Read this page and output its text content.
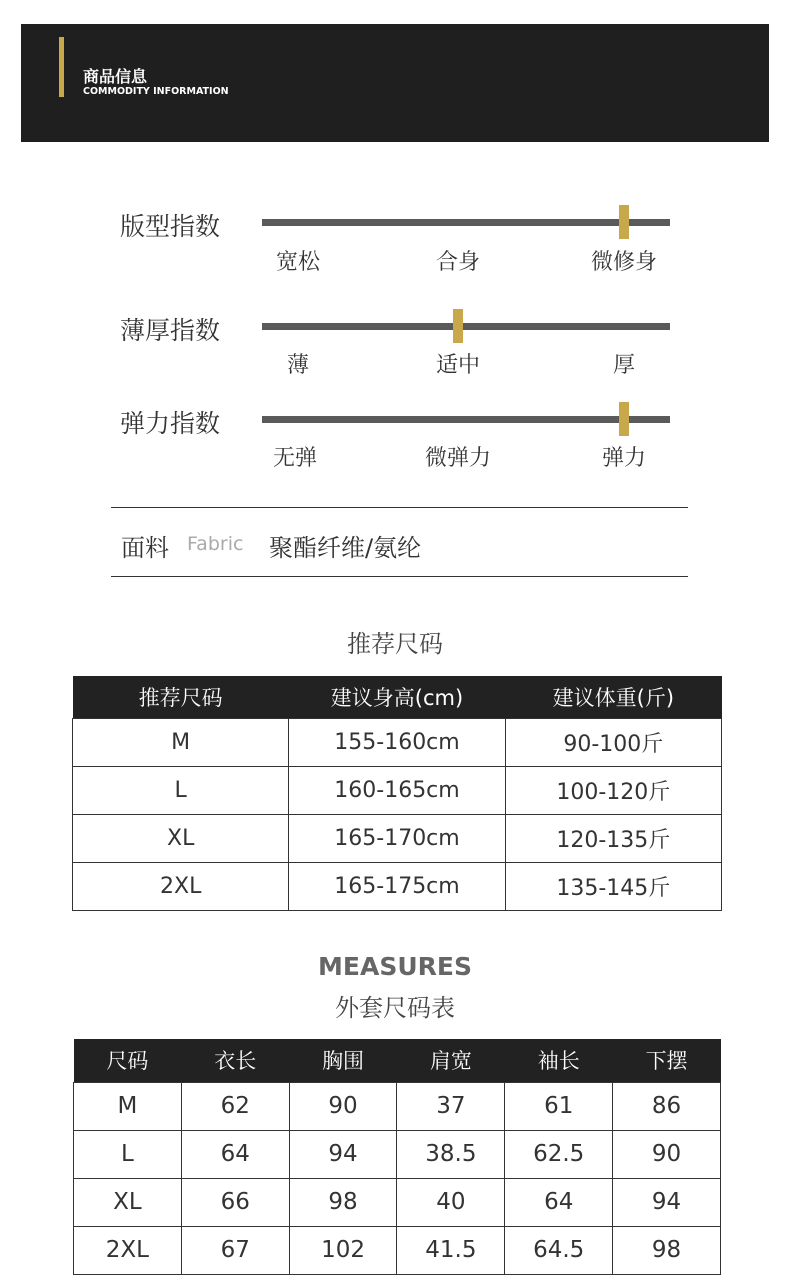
商品信息
COMMODITY INFORMATION
版型指数
宽松	合身	微修身
薄厚指数
薄	适中	厚
弹力指数
无弹	微弹力	弹力
面料 Fabric 聚酯纤维/氨纶
推荐尺码
推荐尺码	建议身高(cm)	建议体重(斤)
M	155-160cm	90-100斤
L	160-165cm	100-120斤
XL	165-170cm	120-135斤
2XL	165-175cm	135-145斤
MEASURES
外套尺码表
尺码	衣长	胸围	肩宽	袖长	下摆
M	62	90	37	61	86
L	64	94	38.5	62.5	90
XL	66	98	40	64	94
2XL	67	102	41.5	64.5	98
